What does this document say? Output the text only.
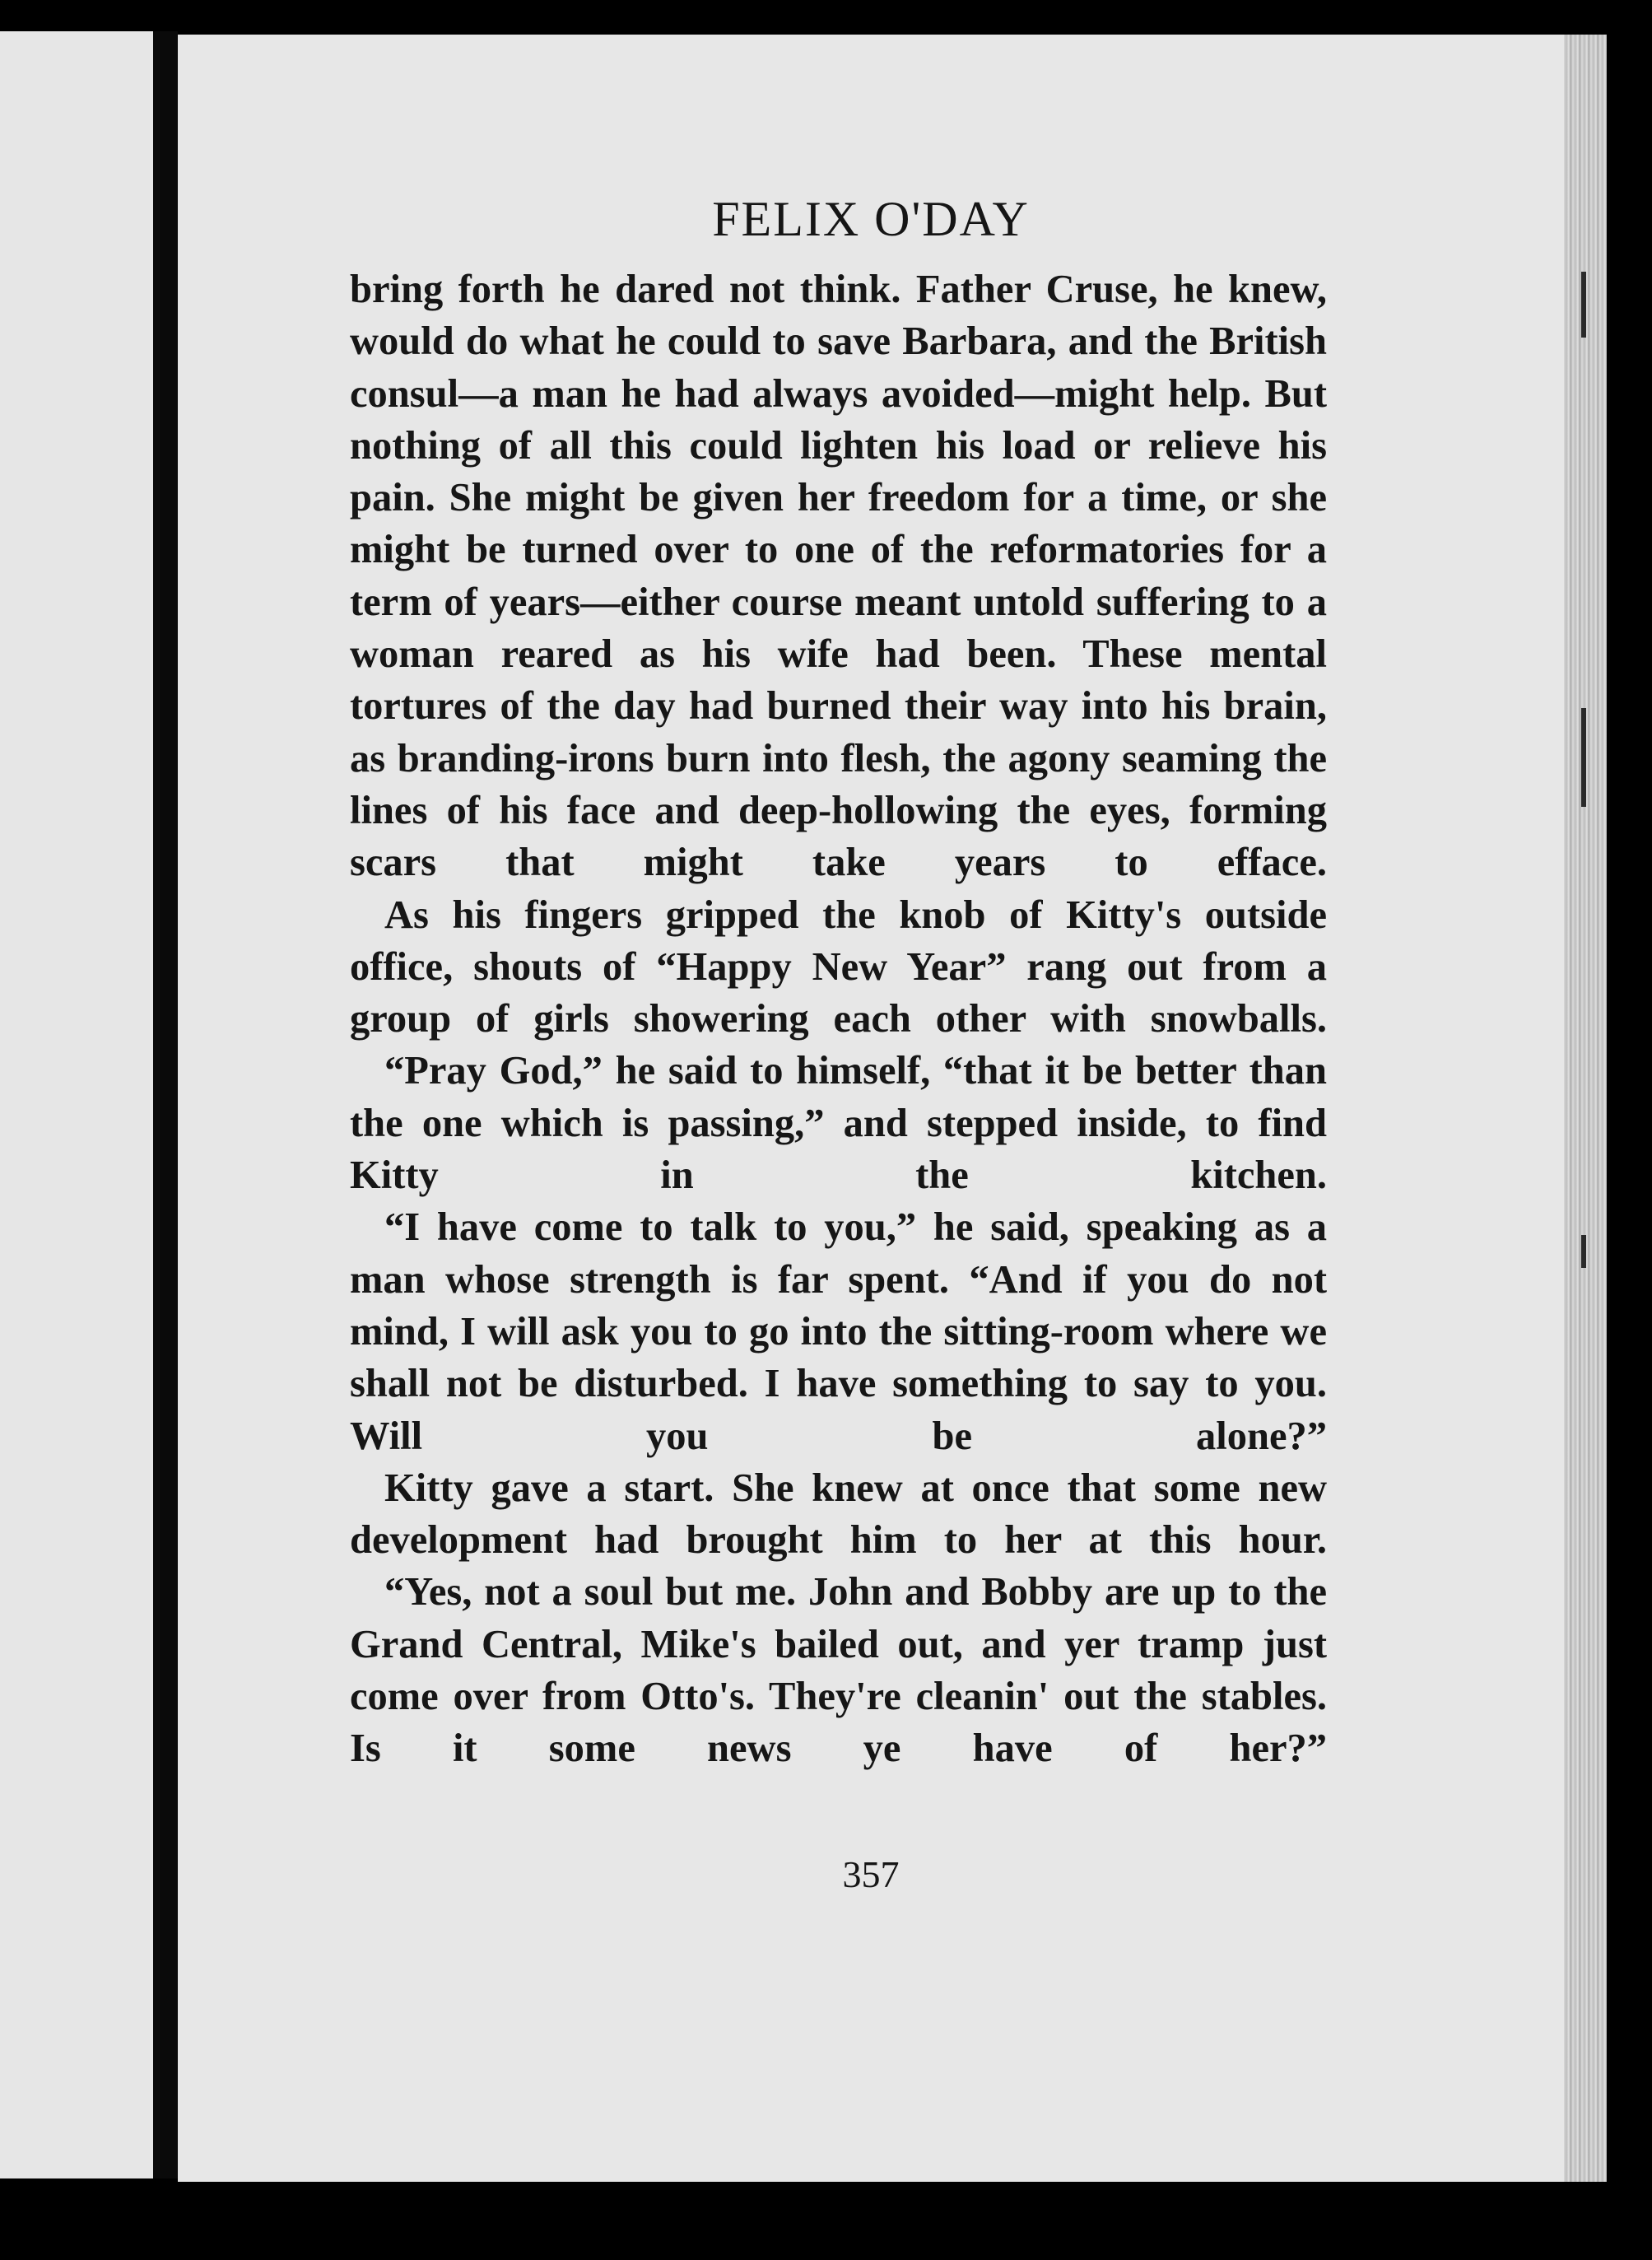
FELIX O'DAY

bring forth he dared not think. Father Cruse, he knew, would do what he could to save Barbara, and the British consul—a man he had always avoided—might help. But nothing of all this could lighten his load or relieve his pain. She might be given her freedom for a time, or she might be turned over to one of the reformatories for a term of years—either course meant untold suffering to a woman reared as his wife had been. These mental tortures of the day had burned their way into his brain, as branding-irons burn into flesh, the agony seaming the lines of his face and deep-hollowing the eyes, forming scars that might take years to efface.

As his fingers gripped the knob of Kitty's outside office, shouts of “Happy New Year” rang out from a group of girls showering each other with snowballs.

“Pray God,” he said to himself, “that it be better than the one which is passing,” and stepped inside, to find Kitty in the kitchen.

“I have come to talk to you,” he said, speaking as a man whose strength is far spent. “And if you do not mind, I will ask you to go into the sitting-room where we shall not be disturbed. I have something to say to you. Will you be alone?”

Kitty gave a start. She knew at once that some new development had brought him to her at this hour.

“Yes, not a soul but me. John and Bobby are up to the Grand Central, Mike's bailed out, and yer tramp just come over from Otto's. They're cleanin' out the stables. Is it some news ye have of her?”

357
